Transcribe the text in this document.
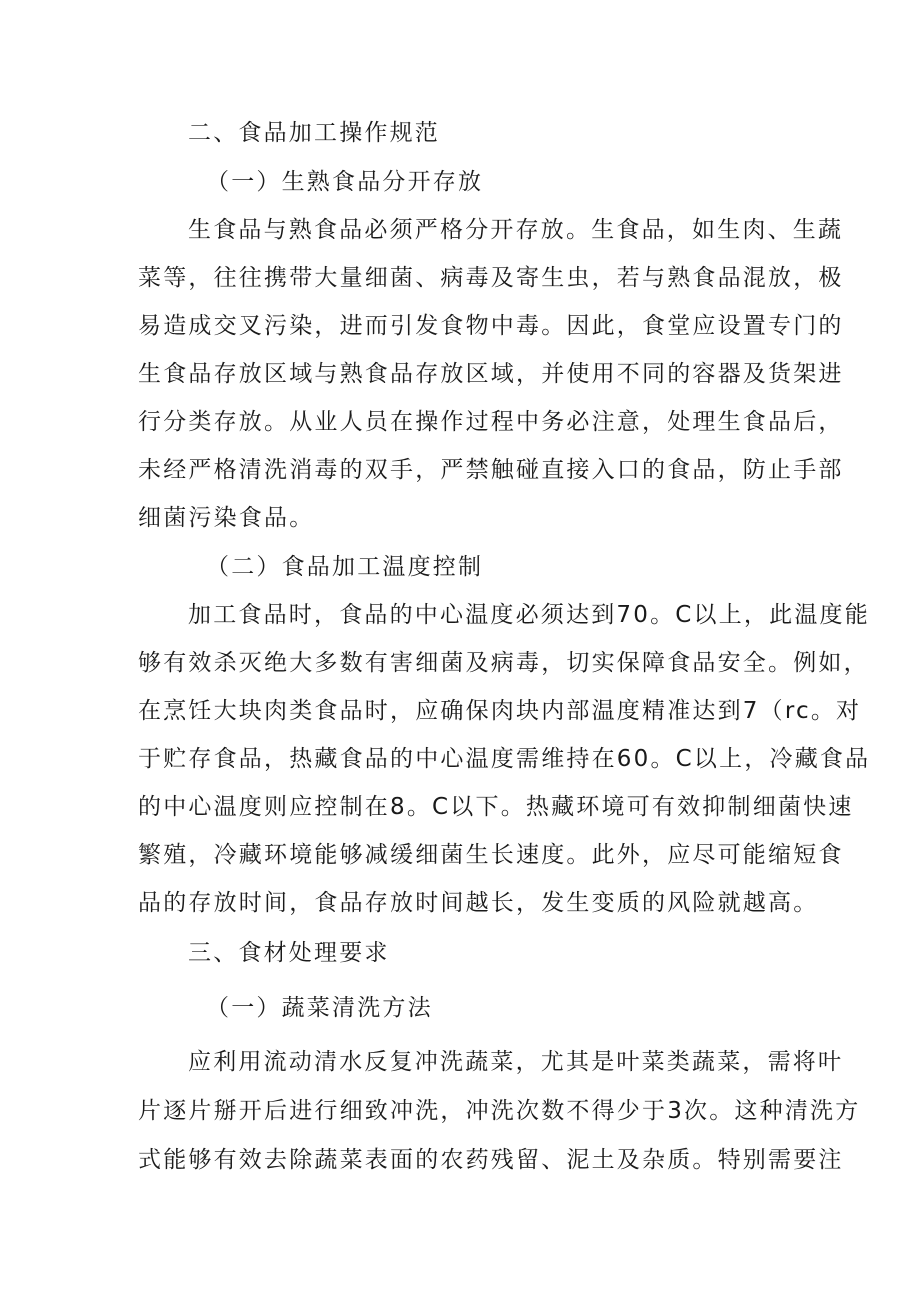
二、食品加工操作规范
（一）生熟食品分开存放
生食品与熟食品必须严格分开存放。生食品，如生肉、生蔬
菜等，往往携带大量细菌、病毒及寄生虫，若与熟食品混放，极
易造成交叉污染，进而引发食物中毒。因此，食堂应设置专门的
生食品存放区域与熟食品存放区域，并使用不同的容器及货架进
行分类存放。从业人员在操作过程中务必注意，处理生食品后，
未经严格清洗消毒的双手，严禁触碰直接入口的食品，防止手部
细菌污染食品。
（二）食品加工温度控制
加工食品时，食品的中心温度必须达到70。C以上，此温度能
够有效杀灭绝大多数有害细菌及病毒，切实保障食品安全。例如，
在烹饪大块肉类食品时，应确保肉块内部温度精准达到7（rc。对
于贮存食品，热藏食品的中心温度需维持在60。C以上，冷藏食品
的中心温度则应控制在8。C以下。热藏环境可有效抑制细菌快速
繁殖，冷藏环境能够减缓细菌生长速度。此外，应尽可能缩短食
品的存放时间，食品存放时间越长，发生变质的风险就越高。
三、食材处理要求
（一）蔬菜清洗方法
应利用流动清水反复冲洗蔬菜，尤其是叶菜类蔬菜，需将叶
片逐片掰开后进行细致冲洗，冲洗次数不得少于3次。这种清洗方
式能够有效去除蔬菜表面的农药残留、泥土及杂质。特别需要注
